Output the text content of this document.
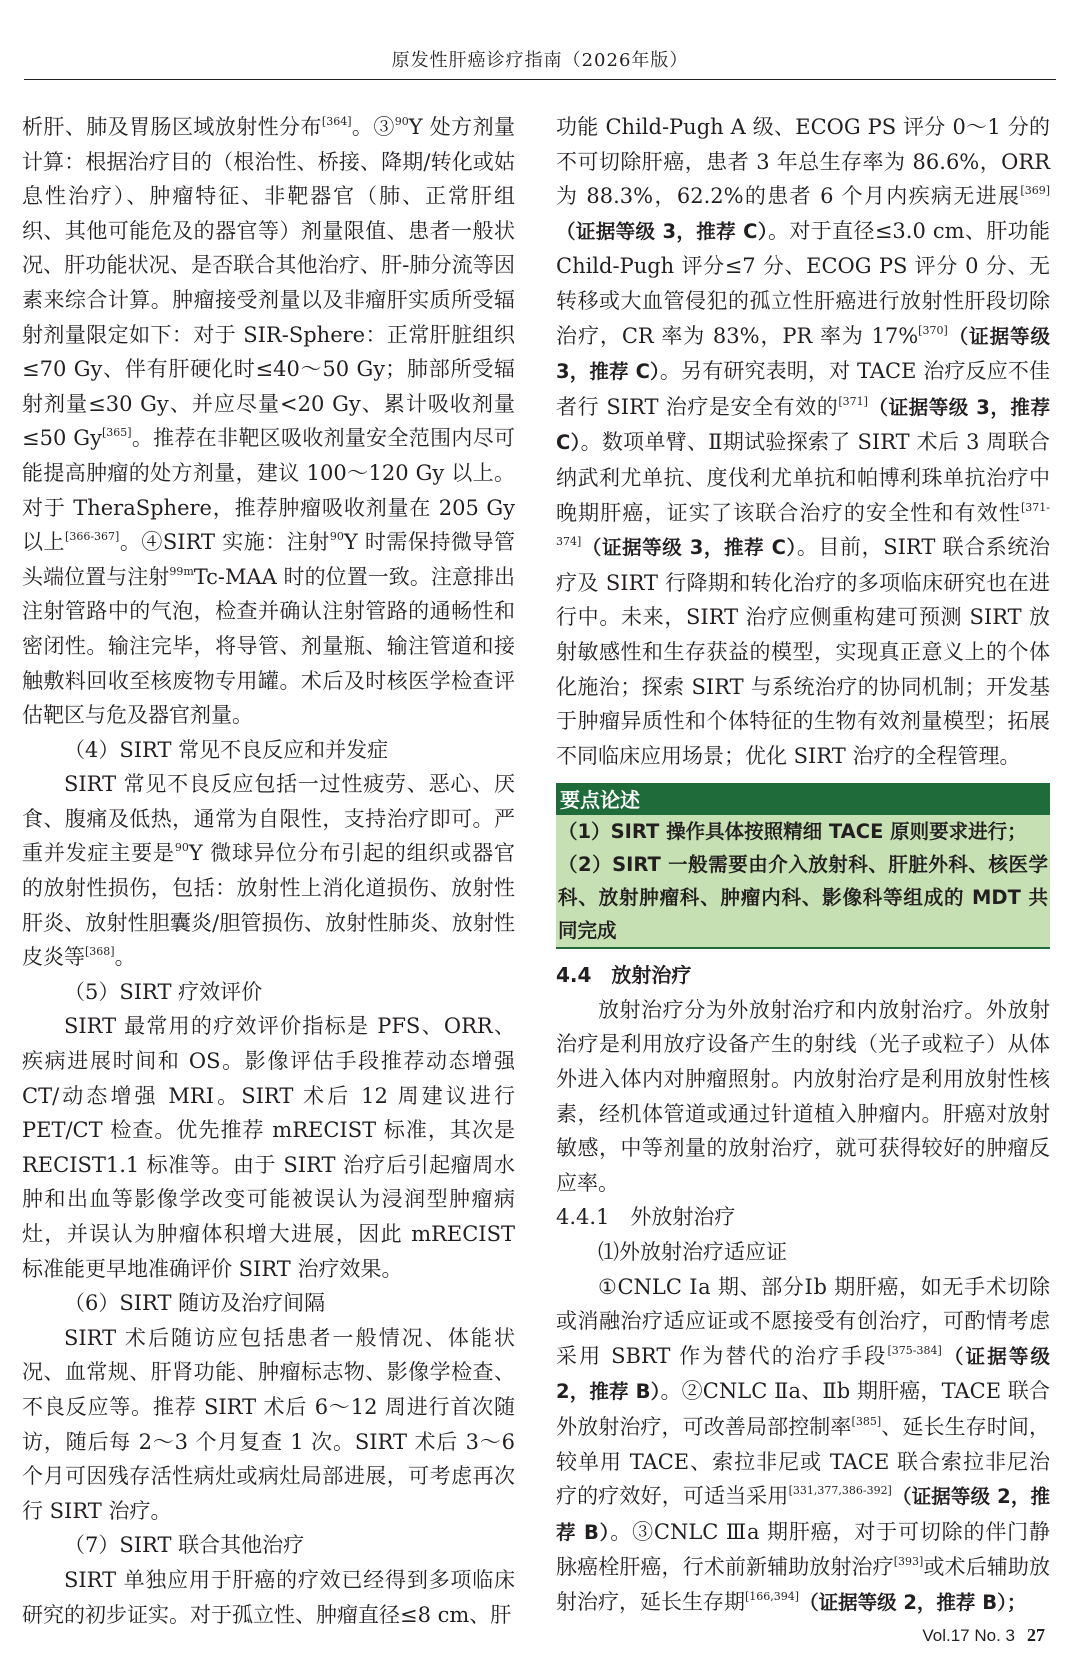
原发性肝癌诊疗指南（2026年版）

析肝、肺及胃肠区域放射性分布[364]。③$^{90}$Y 处方剂量计算：根据治疗目的（根治性、桥接、降期/转化或姑息性治疗）、肿瘤特征、非靶器官（肺、正常肝组织、其他可能危及的器官等）剂量限值、患者一般状况、肝功能状况、是否联合其他治疗、肝-肺分流等因素来综合计算。肿瘤接受剂量以及非瘤肝实质所受辐射剂量限定如下：对于 SIR-Sphere：正常肝脏组织≤70 Gy、伴有肝硬化时≤40～50 Gy；肺部所受辐射剂量≤30 Gy、并应尽量<20 Gy、累计吸收剂量≤50 Gy[365]。推荐在非靶区吸收剂量安全范围内尽可能提高肿瘤的处方剂量，建议 100～120 Gy 以上。对于 TheraSphere，推荐肿瘤吸收剂量在 205 Gy 以上[366-367]。④SIRT 实施：注射$^{90}$Y 时需保持微导管头端位置与注射$^{99m}$Tc-MAA 时的位置一致。注意排出注射管路中的气泡，检查并确认注射管路的通畅性和密闭性。输注完毕，将导管、剂量瓶、输注管道和接触敷料回收至核废物专用罐。术后及时核医学检查评估靶区与危及器官剂量。

（4）SIRT 常见不良反应和并发症

SIRT 常见不良反应包括一过性疲劳、恶心、厌食、腹痛及低热，通常为自限性，支持治疗即可。严重并发症主要是$^{90}$Y 微球异位分布引起的组织或器官的放射性损伤，包括：放射性上消化道损伤、放射性肝炎、放射性胆囊炎/胆管损伤、放射性肺炎、放射性皮炎等[368]。

（5）SIRT 疗效评价

SIRT 最常用的疗效评价指标是 PFS、ORR、疾病进展时间和 OS。影像评估手段推荐动态增强 CT/动态增强 MRI。SIRT 术后 12 周建议进行 PET/CT 检查。优先推荐 mRECIST 标准，其次是 RECIST1.1 标准等。由于 SIRT 治疗后引起瘤周水肿和出血等影像学改变可能被误认为浸润型肿瘤病灶，并误认为肿瘤体积增大进展，因此 mRECIST 标准能更早地准确评价 SIRT 治疗效果。

（6）SIRT 随访及治疗间隔

SIRT 术后随访应包括患者一般情况、体能状况、血常规、肝肾功能、肿瘤标志物、影像学检查、不良反应等。推荐 SIRT 术后 6～12 周进行首次随访，随后每 2～3 个月复查 1 次。SIRT 术后 3～6 个月可因残存活性病灶或病灶局部进展，可考虑再次行 SIRT 治疗。

（7）SIRT 联合其他治疗

SIRT 单独应用于肝癌的疗效已经得到多项临床研究的初步证实。对于孤立性、肿瘤直径≤8 cm、肝

功能 Child-Pugh A 级、ECOG PS 评分 0～1 分的不可切除肝癌，患者 3 年总生存率为 86.6%，ORR 为 88.3%，62.2%的患者 6 个月内疾病无进展[369]（证据等级 3，推荐 C）。对于直径≤3.0 cm、肝功能 Child-Pugh 评分≤7 分、ECOG PS 评分 0 分、无转移或大血管侵犯的孤立性肝癌进行放射性肝段切除治疗，CR 率为 83%，PR 率为 17%[370]（证据等级 3，推荐 C）。另有研究表明，对 TACE 治疗反应不佳者行 SIRT 治疗是安全有效的[371]（证据等级 3，推荐 C）。数项单臂、Ⅱ期试验探索了 SIRT 术后 3 周联合纳武利尤单抗、度伐利尤单抗和帕博利珠单抗治疗中晚期肝癌，证实了该联合治疗的安全性和有效性[371-374]（证据等级 3，推荐 C）。目前，SIRT 联合系统治疗及 SIRT 行降期和转化治疗的多项临床研究也在进行中。未来，SIRT 治疗应侧重构建可预测 SIRT 放射敏感性和生存获益的模型，实现真正意义上的个体化施治；探索 SIRT 与系统治疗的协同机制；开发基于肿瘤异质性和个体特征的生物有效剂量模型；拓展不同临床应用场景；优化 SIRT 治疗的全程管理。

要点论述
（1）SIRT 操作具体按照精细 TACE 原则要求进行；
（2）SIRT 一般需要由介入放射科、肝脏外科、核医学科、放射肿瘤科、肿瘤内科、影像科等组成的 MDT 共同完成

4.4　放射治疗

放射治疗分为外放射治疗和内放射治疗。外放射治疗是利用放疗设备产生的射线（光子或粒子）从体外进入体内对肿瘤照射。内放射治疗是利用放射性核素，经机体管道或通过针道植入肿瘤内。肝癌对放射敏感，中等剂量的放射治疗，就可获得较好的肿瘤反应率。

4.4.1　外放射治疗

⑴外放射治疗适应证

①CNLC Ⅰa 期、部分Ⅰb 期肝癌，如无手术切除或消融治疗适应证或不愿接受有创治疗，可酌情考虑采用 SBRT 作为替代的治疗手段[375-384]（证据等级 2，推荐 B）。②CNLC Ⅱa、Ⅱb 期肝癌，TACE 联合外放射治疗，可改善局部控制率[385]、延长生存时间，较单用 TACE、索拉非尼或 TACE 联合索拉非尼治疗的疗效好，可适当采用[331,377,386-392]（证据等级 2，推荐 B）。③CNLC Ⅲa 期肝癌，对于可切除的伴门静脉癌栓肝癌，行术前新辅助放射治疗[393]或术后辅助放射治疗，延长生存期[166,394]（证据等级 2，推荐 B）；

Vol.17 No. 3 27
